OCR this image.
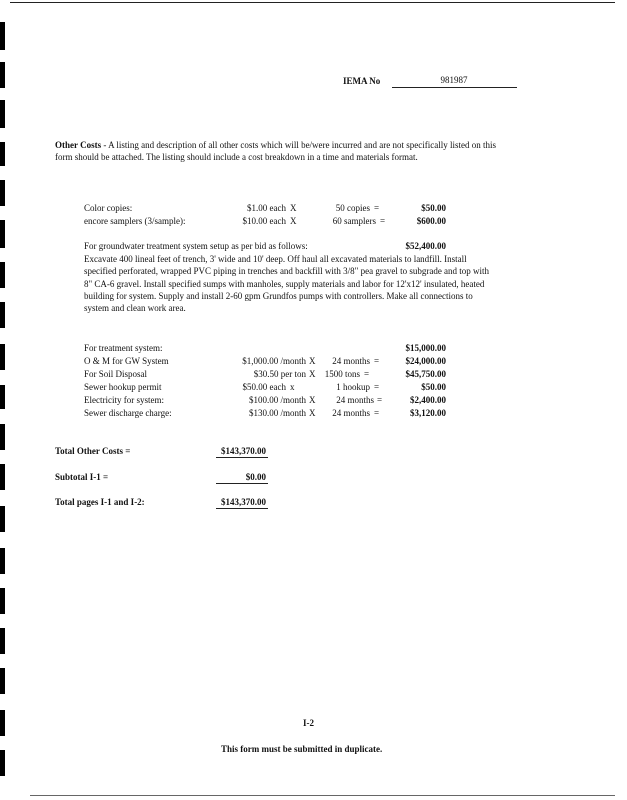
IEMA No	981987
Other Costs - A listing and description of all other costs which will be/were incurred and are not specifically listed on this form should be attached. The listing should include a cost breakdown in a time and materials format.
Color copies:	$1.00 each X	50 copies =	$50.00
encore samplers (3/sample):	$10.00 each X	60 samplers =	$600.00
For groundwater treatment system setup as per bid as follows:	$52,400.00
Excavate 400 lineal feet of trench, 3' wide and 10' deep. Off haul all excavated materials to landfill. Install specified perforated, wrapped PVC piping in trenches and backfill with 3/8" pea gravel to subgrade and top with 8" CA-6 gravel. Install specified sumps with manholes, supply materials and labor for 12'x12' insulated, heated building for system. Supply and install 2-60 gpm Grundfos pumps with controllers. Make all connections to system and clean work area.
For treatment system:	$15,000.00
O & M for GW System	$1,000.00 /month X	24 months =	$24,000.00
For Soil Disposal	$30.50 per ton X	1500 tons =	$45,750.00
Sewer hookup permit	$50.00 each x	1 hookup =	$50.00
Electricity for system:	$100.00 /month X	24 months =	$2,400.00
Sewer discharge charge:	$130.00 /month X	24 months =	$3,120.00
Total Other Costs =	$143,370.00
Subtotal I-1 =	$0.00
Total pages I-1 and I-2:	$143,370.00
I-2
This form must be submitted in duplicate.
